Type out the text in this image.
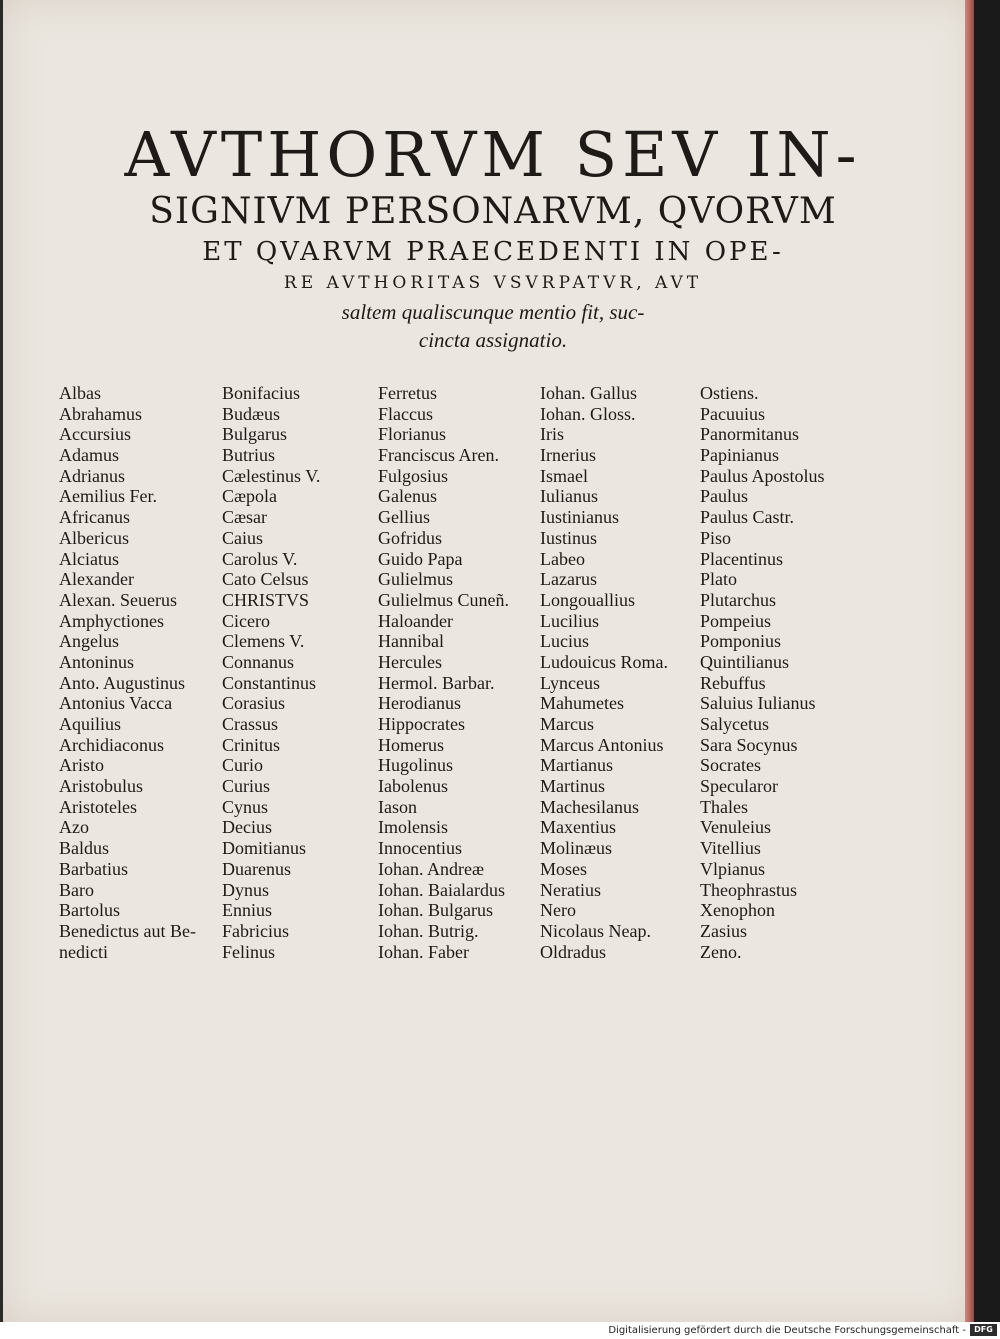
AVTHORVM SEV IN-
SIGNIVM PERSONARVM, QVORVM
ET QVARVM PRAECEDENTI IN OPE-
RE AVTHORITAS VSVRPATVR, AVT
saltem qualiscunque mentio fit, suc-
cincta assignatio.
Albas
Abrahamus
Accursius
Adamus
Adrianus
Aemilius Fer.
Africanus
Albericus
Alciatus
Alexander
Alexan. Seuerus
Amphyctiones
Angelus
Antoninus
Anto. Augustinus
Antonius Vacca
Aquilius
Archidiaconus
Aristo
Aristobulus
Aristoteles
Azo
Baldus
Barbatius
Baro
Bartolus
Benedictus aut Be-
nedicti
Bonifacius
Budæus
Bulgarus
Butrius
Cælestinus V.
Cæpola
Cæsar
Caius
Carolus V.
Cato Celsus
CHRISTVS
Cicero
Clemens V.
Connanus
Constantinus
Corasius
Crassus
Crinitus
Curio
Curius
Cynus
Decius
Domitianus
Duarenus
Dynus
Ennius
Fabricius
Felinus
Ferretus
Flaccus
Florianus
Franciscus Aren.
Fulgosius
Galenus
Gellius
Gofridus
Guido Papa
Gulielmus
Gulielmus Cuneñ.
Haloander
Hannibal
Hercules
Hermol. Barbar.
Herodianus
Hippocrates
Homerus
Hugolinus
Iabolenus
Iason
Imolensis
Innocentius
Iohan. Andreæ
Iohan. Baialardus
Iohan. Bulgarus
Iohan. Butrig.
Iohan. Faber
Iohan. Gallus
Iohan. Gloss.
Iris
Irnerius
Ismael
Iulianus
Iustinianus
Iustinus
Labeo
Lazarus
Longouallius
Lucilius
Lucius
Ludouicus Roma.
Lynceus
Mahumetes
Marcus
Marcus Antonius
Martianus
Martinus
Machesilanus
Maxentius
Molinæus
Moses
Neratius
Nero
Nicolaus Neap.
Oldradus
Ostiens.
Pacuuius
Panormitanus
Papinianus
Paulus Apostolus
Paulus
Paulus Castr.
Piso
Placentinus
Plato
Plutarchus
Pompeius
Pomponius
Quintilianus
Rebuffus
Saluius Iulianus
Salycetus
Sara Socynus
Socrates
Specularor
Thales
Venuleius
Vitellius
Vlpianus
Theophrastus
Xenophon
Zasius
Zeno.
Digitalisierung gefördert durch die Deutsche Forschungsgemeinschaft -	DFG
